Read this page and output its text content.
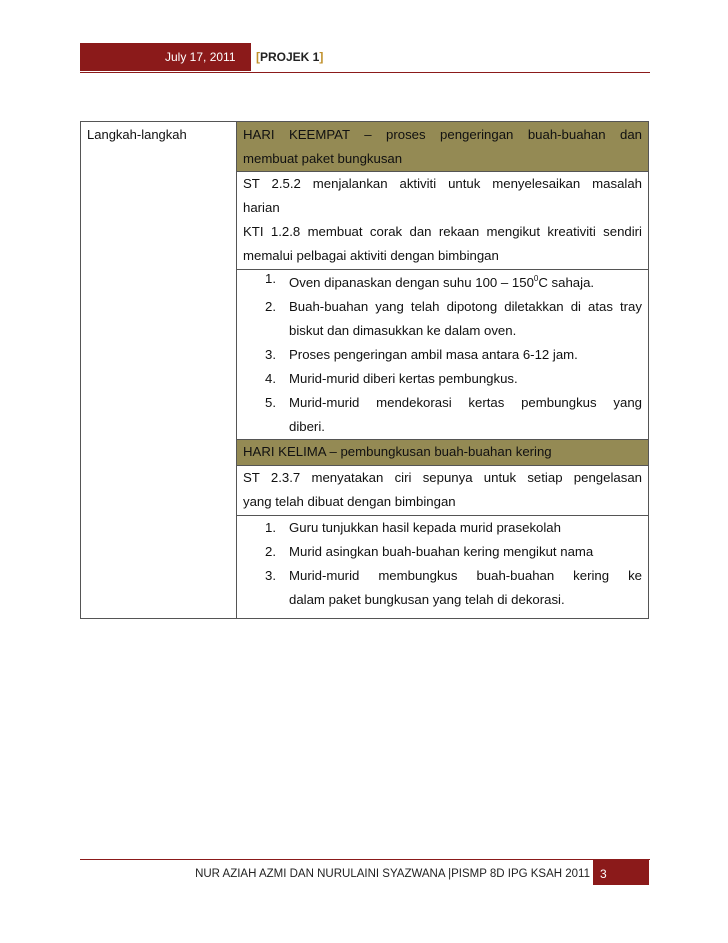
July 17, 2011	[PROJEK 1]
Langkah-langkah	HARI KEEMPAT – proses pengeringan buah-buahan dan
membuat paket bungkusan
ST 2.5.2 menjalankan aktiviti untuk menyelesaikan masalah
harian
KTI 1.2.8 membuat corak dan rekaan mengikut kreativiti sendiri
memalui pelbagai aktiviti dengan bimbingan
1. Oven dipanaskan dengan suhu $100 - 150^0C$ sahaja.
2. Buah-buahan yang telah dipotong diletakkan di atas tray
biskut dan dimasukkan ke dalam oven.
3. Proses pengeringan ambil masa antara 6-12 jam.
4. Murid-murid diberi kertas pembungkus.
5. Murid-murid mendekorasi kertas pembungkus yang
diberi.
HARI KELIMA – pembungkusan buah-buahan kering
ST 2.3.7 menyatakan ciri sepunya untuk setiap pengelasan
yang telah dibuat dengan bimbingan
1. Guru tunjukkan hasil kepada murid prasekolah
2. Murid asingkan buah-buahan kering mengikut nama
3. Murid-murid membungkus buah-buahan kering ke
dalam paket bungkusan yang telah di dekorasi.
NUR AZIAH AZMI DAN NURULAINI SYAZWANA |PISMP 8D IPG KSAH 2011 3
